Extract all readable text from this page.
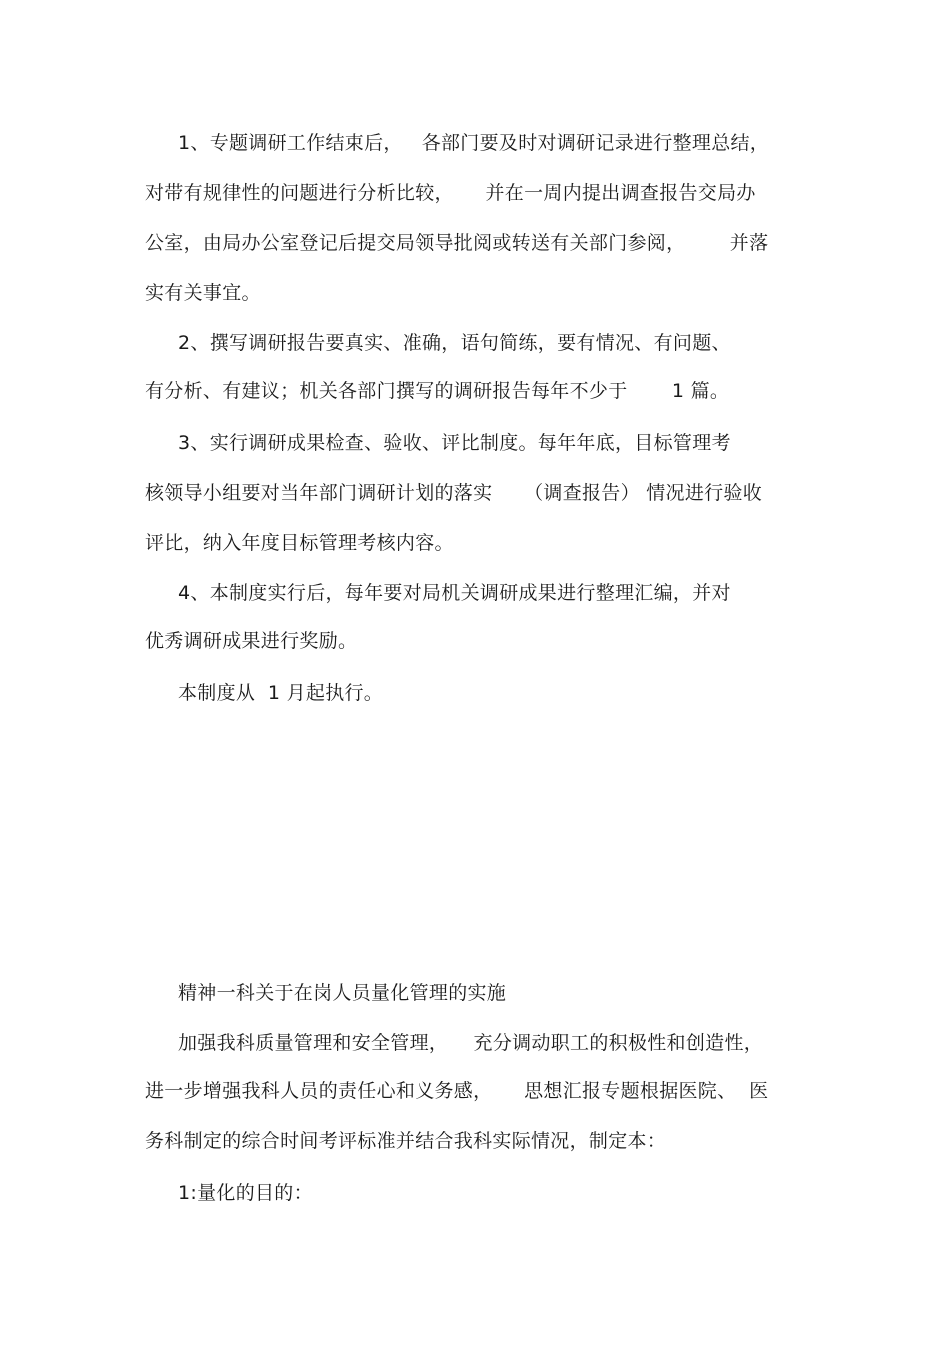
1、专题调研工作结束后，   各部门要及时对调研记录进行整理总结，
对带有规律性的问题进行分析比较，     并在一周内提出调查报告交局办
公室，由局办公室登记后提交局领导批阅或转送有关部门参阅，       并落
实有关事宜。
2、撰写调研报告要真实、准确，语句简练，要有情况、有问题、
有分析、有建议；机关各部门撰写的调研报告每年不少于       1 篇。
3、实行调研成果检查、验收、评比制度。每年年底，目标管理考
核领导小组要对当年部门调研计划的落实     （调查报告） 情况进行验收
评比，纳入年度目标管理考核内容。
4、本制度实行后，每年要对局机关调研成果进行整理汇编，并对
优秀调研成果进行奖励。
本制度从  1 月起执行。
精神一科关于在岗人员量化管理的实施
加强我科质量管理和安全管理，    充分调动职工的积极性和创造性，
进一步增强我科人员的责任心和义务感，     思想汇报专题根据医院、  医
务科制定的综合时间考评标准并结合我科实际情况，制定本：
1:量化的目的：
